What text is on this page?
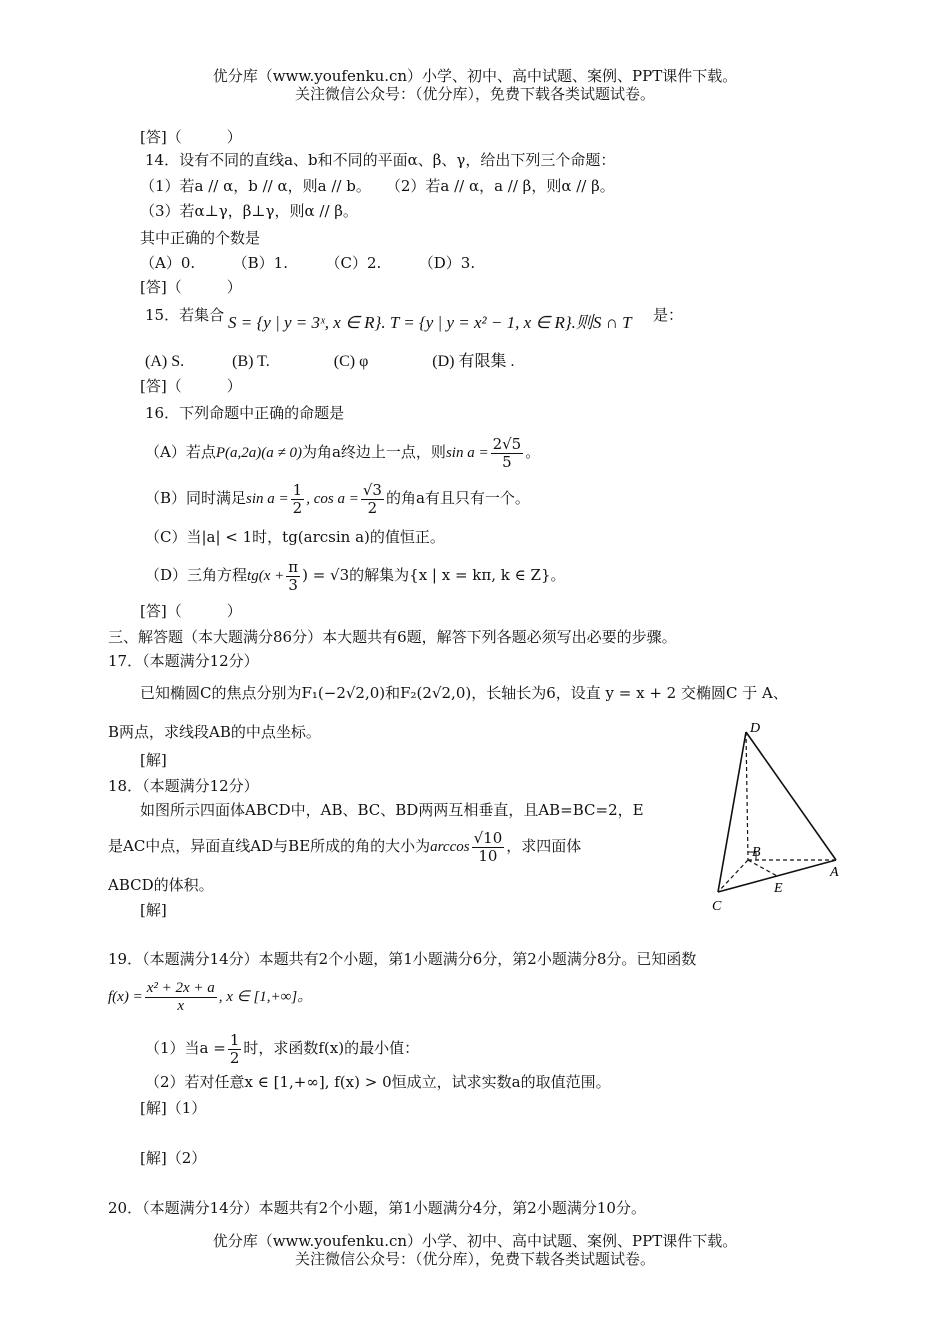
优分库（www.youfenku.cn）小学、初中、高中试题、案例、PPT课件下载。
关注微信公众号：（优分库），免费下载各类试题试卷。
[答]（　　　）
14．设有不同的直线a、b和不同的平面α、β、γ，给出下列三个命题：
（1）若a // α，b // α，则a // b。　　（2）若a // α，a // β，则α // β。
（3）若α⊥γ，β⊥γ，则α // β。
其中正确的个数是
（A）0.　　　（B）1.　　　（C）2.　　　（D）3.
[答]（　　　）
15．若集合 S = {y | y = 3ˣ, x ∈ R}. T = {y | y = x² − 1, x ∈ R}.则S ∩ T 是：
(A) S.　　　(B) T.　　　　(C) φ　　　　(D) 有限集 .
[答]（　　　）
16．下列命题中正确的命题是
（A）若点P(a,2a)(a ≠ 0)为角a终边上一点，则$\sin a = \frac{2√5}{5}$ 。
（B）同时满足$\sin a = \frac{1}{2}$ , $\cos a = \frac{√3}{2}$ 的角a有且只有一个。
（C）当|a| < 1时，tg(arcsin a)的值恒正。
（D）三角方程$tg(x + \frac{\pi}{3}$ ) = √3的解集为{x | x = kπ, k ∈ Z}。
[答]（　　　）
三、解答题（本大题满分86分）本大题共有6题，解答下列各题必须写出必要的步骤。
17．（本题满分12分）
已知椭圆C的焦点分别为F₁(−2√2,0)和F₂(2√2,0)，长轴长为6，设直 y = x + 2 交椭圆C 于 A、
B两点，求线段AB的中点坐标。
[解]
18．（本题满分12分）
如图所示四面体ABCD中，AB、BC、BD两两互相垂直，且AB=BC=2，E
是AC中点，异面直线AD与BE所成的角的大小为$\arccos \frac{√10}{10}$ ，求四面体
ABCD的体积。
[解]
D
B
A
C
E
19．（本题满分14分）本题共有2个小题，第1小题满分6分，第2小题满分8分。已知函数
$f(x) = \frac{\text{x² + 2x + a}}{x}$ , x ∈ [1,+∞]。
（1）当$a = \frac{1}{2}$ 时，求函数f(x)的最小值：
（2）若对任意x ∈ [1,+∞], f(x) > 0恒成立，试求实数a的取值范围。
[解]（1）
[解]（2）
20．（本题满分14分）本题共有2个小题，第1小题满分4分，第2小题满分10分。
优分库（www.youfenku.cn）小学、初中、高中试题、案例、PPT课件下载。
关注微信公众号：（优分库），免费下载各类试题试卷。
